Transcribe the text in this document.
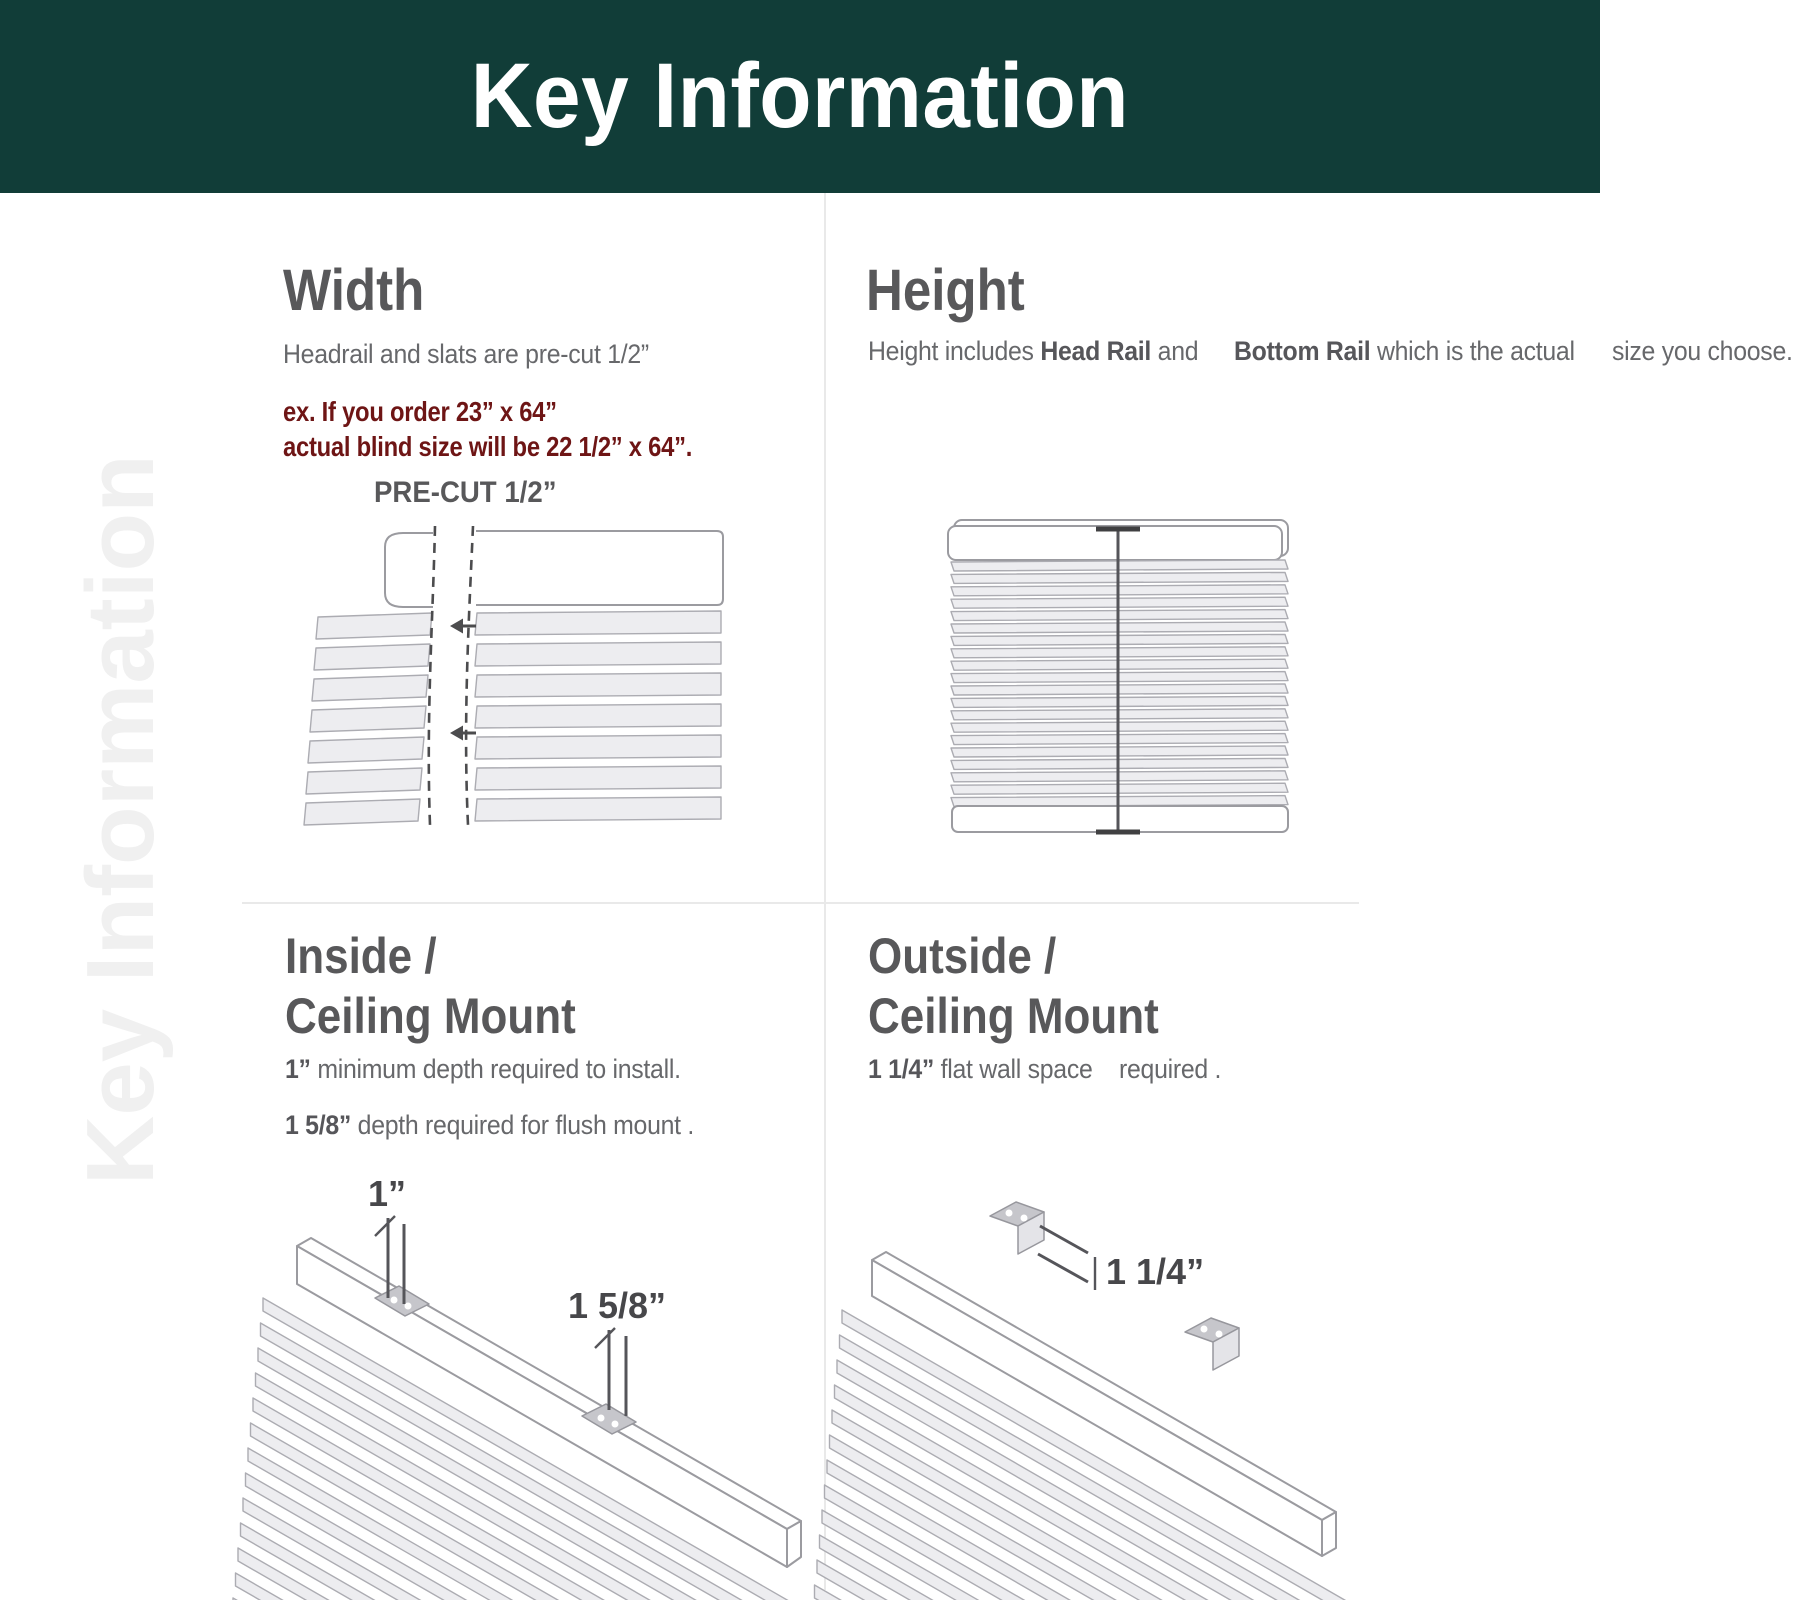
Key Information
Key Information
Width
Headrail and slats are pre-cut 1/2”
ex. If you order 23” x 64”
actual blind size will be 22 1/2” x 64”.
PRE-CUT 1/2”
Height
Height includes Head Rail and Bottom Rail which is the actual size you choose.
Inside /
Ceiling Mount
1” minimum depth required to install.
1 5/8” depth required for flush mount .
1”
1 5/8”
Outside /
Ceiling Mount
1 1/4” flat wall space required .
1 1/4”
